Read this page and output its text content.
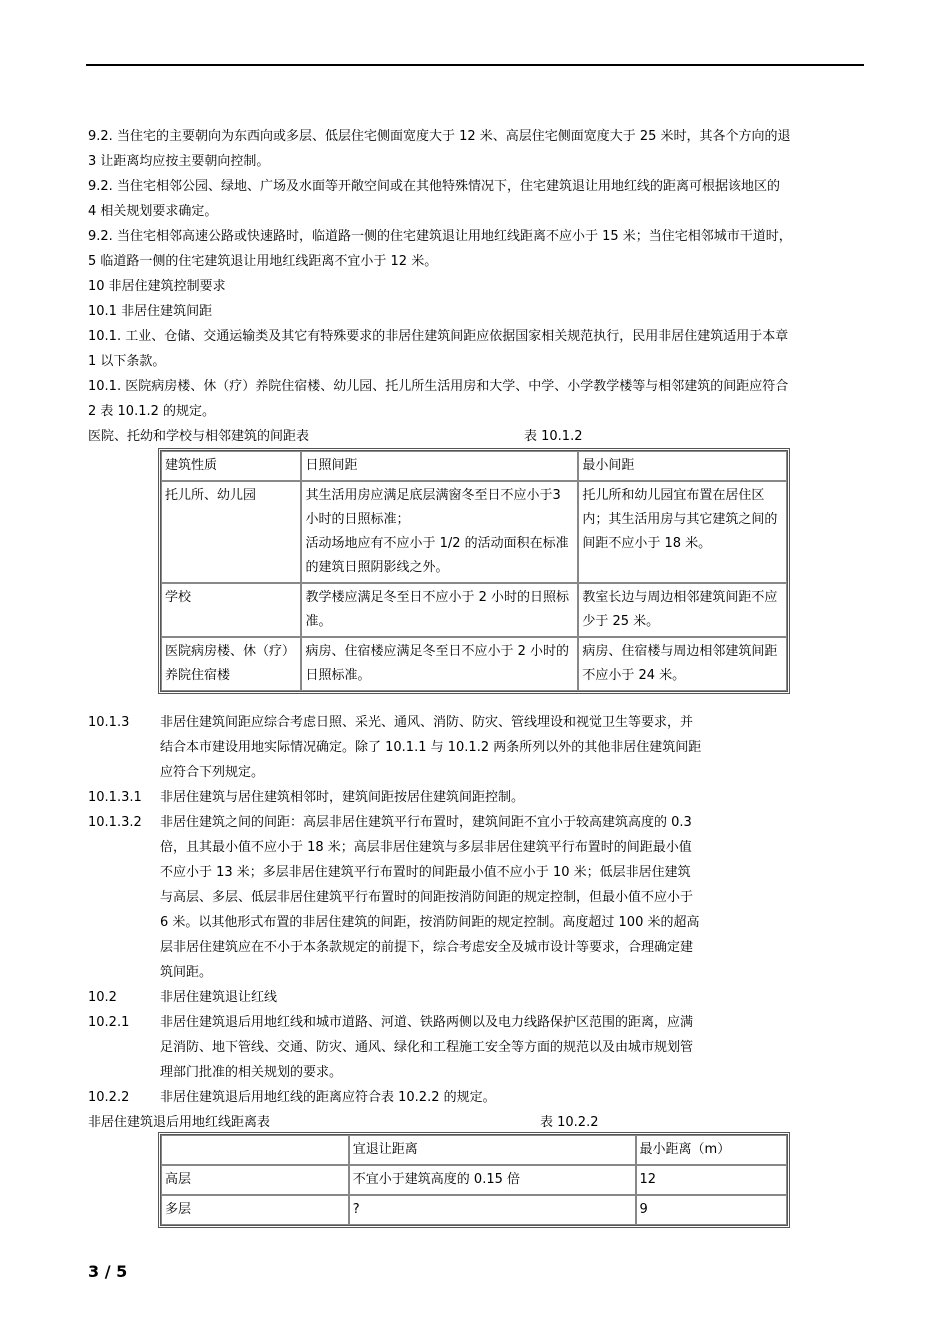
9.2. 当住宅的主要朝向为东西向或多层、低层住宅侧面宽度大于 12 米、高层住宅侧面宽度大于 25 米时，其各个方向的退
3 让距离均应按主要朝向控制。
9.2. 当住宅相邻公园、绿地、广场及水面等开敞空间或在其他特殊情况下，住宅建筑退让用地红线的距离可根据该地区的
4 相关规划要求确定。
9.2. 当住宅相邻高速公路或快速路时，临道路一侧的住宅建筑退让用地红线距离不应小于 15 米；当住宅相邻城市干道时，
5 临道路一侧的住宅建筑退让用地红线距离不宜小于 12 米。
10 非居住建筑控制要求
10.1 非居住建筑间距
10.1. 工业、仓储、交通运输类及其它有特殊要求的非居住建筑间距应依据国家相关规范执行，民用非居住建筑适用于本章
1 以下条款。
10.1. 医院病房楼、休（疗）养院住宿楼、幼儿园、托儿所生活用房和大学、中学、小学教学楼等与相邻建筑的间距应符合
2 表 10.1.2 的规定。
医院、托幼和学校与相邻建筑的间距表	表 10.1.2
10.1.3 非居住建筑间距应综合考虑日照、采光、通风、消防、防灾、管线埋设和视觉卫生等要求，并
结合本市建设用地实际情况确定。除了 10.1.1 与 10.1.2 两条所列以外的其他非居住建筑间距
应符合下列规定。
10.1.3.1 非居住建筑与居住建筑相邻时，建筑间距按居住建筑间距控制。
10.1.3.2 非居住建筑之间的间距：高层非居住建筑平行布置时，建筑间距不宜小于较高建筑高度的 0.3
倍，且其最小值不应小于 18 米；高层非居住建筑与多层非居住建筑平行布置时的间距最小值
不应小于 13 米；多层非居住建筑平行布置时的间距最小值不应小于 10 米；低层非居住建筑
与高层、多层、低层非居住建筑平行布置时的间距按消防间距的规定控制，但最小值不应小于
6 米。以其他形式布置的非居住建筑的间距，按消防间距的规定控制。高度超过 100 米的超高
层非居住建筑应在不小于本条款规定的前提下，综合考虑安全及城市设计等要求，合理确定建
筑间距。
10.2	非居住建筑退让红线
10.2.1 非居住建筑退后用地红线和城市道路、河道、铁路两侧以及电力线路保护区范围的距离，应满
足消防、地下管线、交通、防灾、通风、绿化和工程施工安全等方面的规范以及由城市规划管
理部门批准的相关规划的要求。
10.2.2 非居住建筑退后用地红线的距离应符合表 10.2.2 的规定。
非居住建筑退后用地红线距离表	表 10.2.2
建筑性质	日照间距	最小间距
托儿所、幼儿园	其生活用房应满足底层满窗冬至日不应小于3 小时的日照标准；
活动场地应有不应小于 1/2 的活动面积在标准的建筑日照阴影线之外。	托儿所和幼儿园宜布置在居住区内；其生活用房与其它建筑之间的间距不应小于 18 米。
学校	教学楼应满足冬至日不应小于 2 小时的日照标准。	教室长边与周边相邻建筑间距不应少于 25 米。
医院病房楼、休（疗）养院住宿楼	病房、住宿楼应满足冬至日不应小于 2 小时的日照标准。	病房、住宿楼与周边相邻建筑间距不应小于 24 米。
	宜退让距离	最小距离（m）
高层	不宜小于建筑高度的 0.15 倍	12
多层	?	9
3 / 5
